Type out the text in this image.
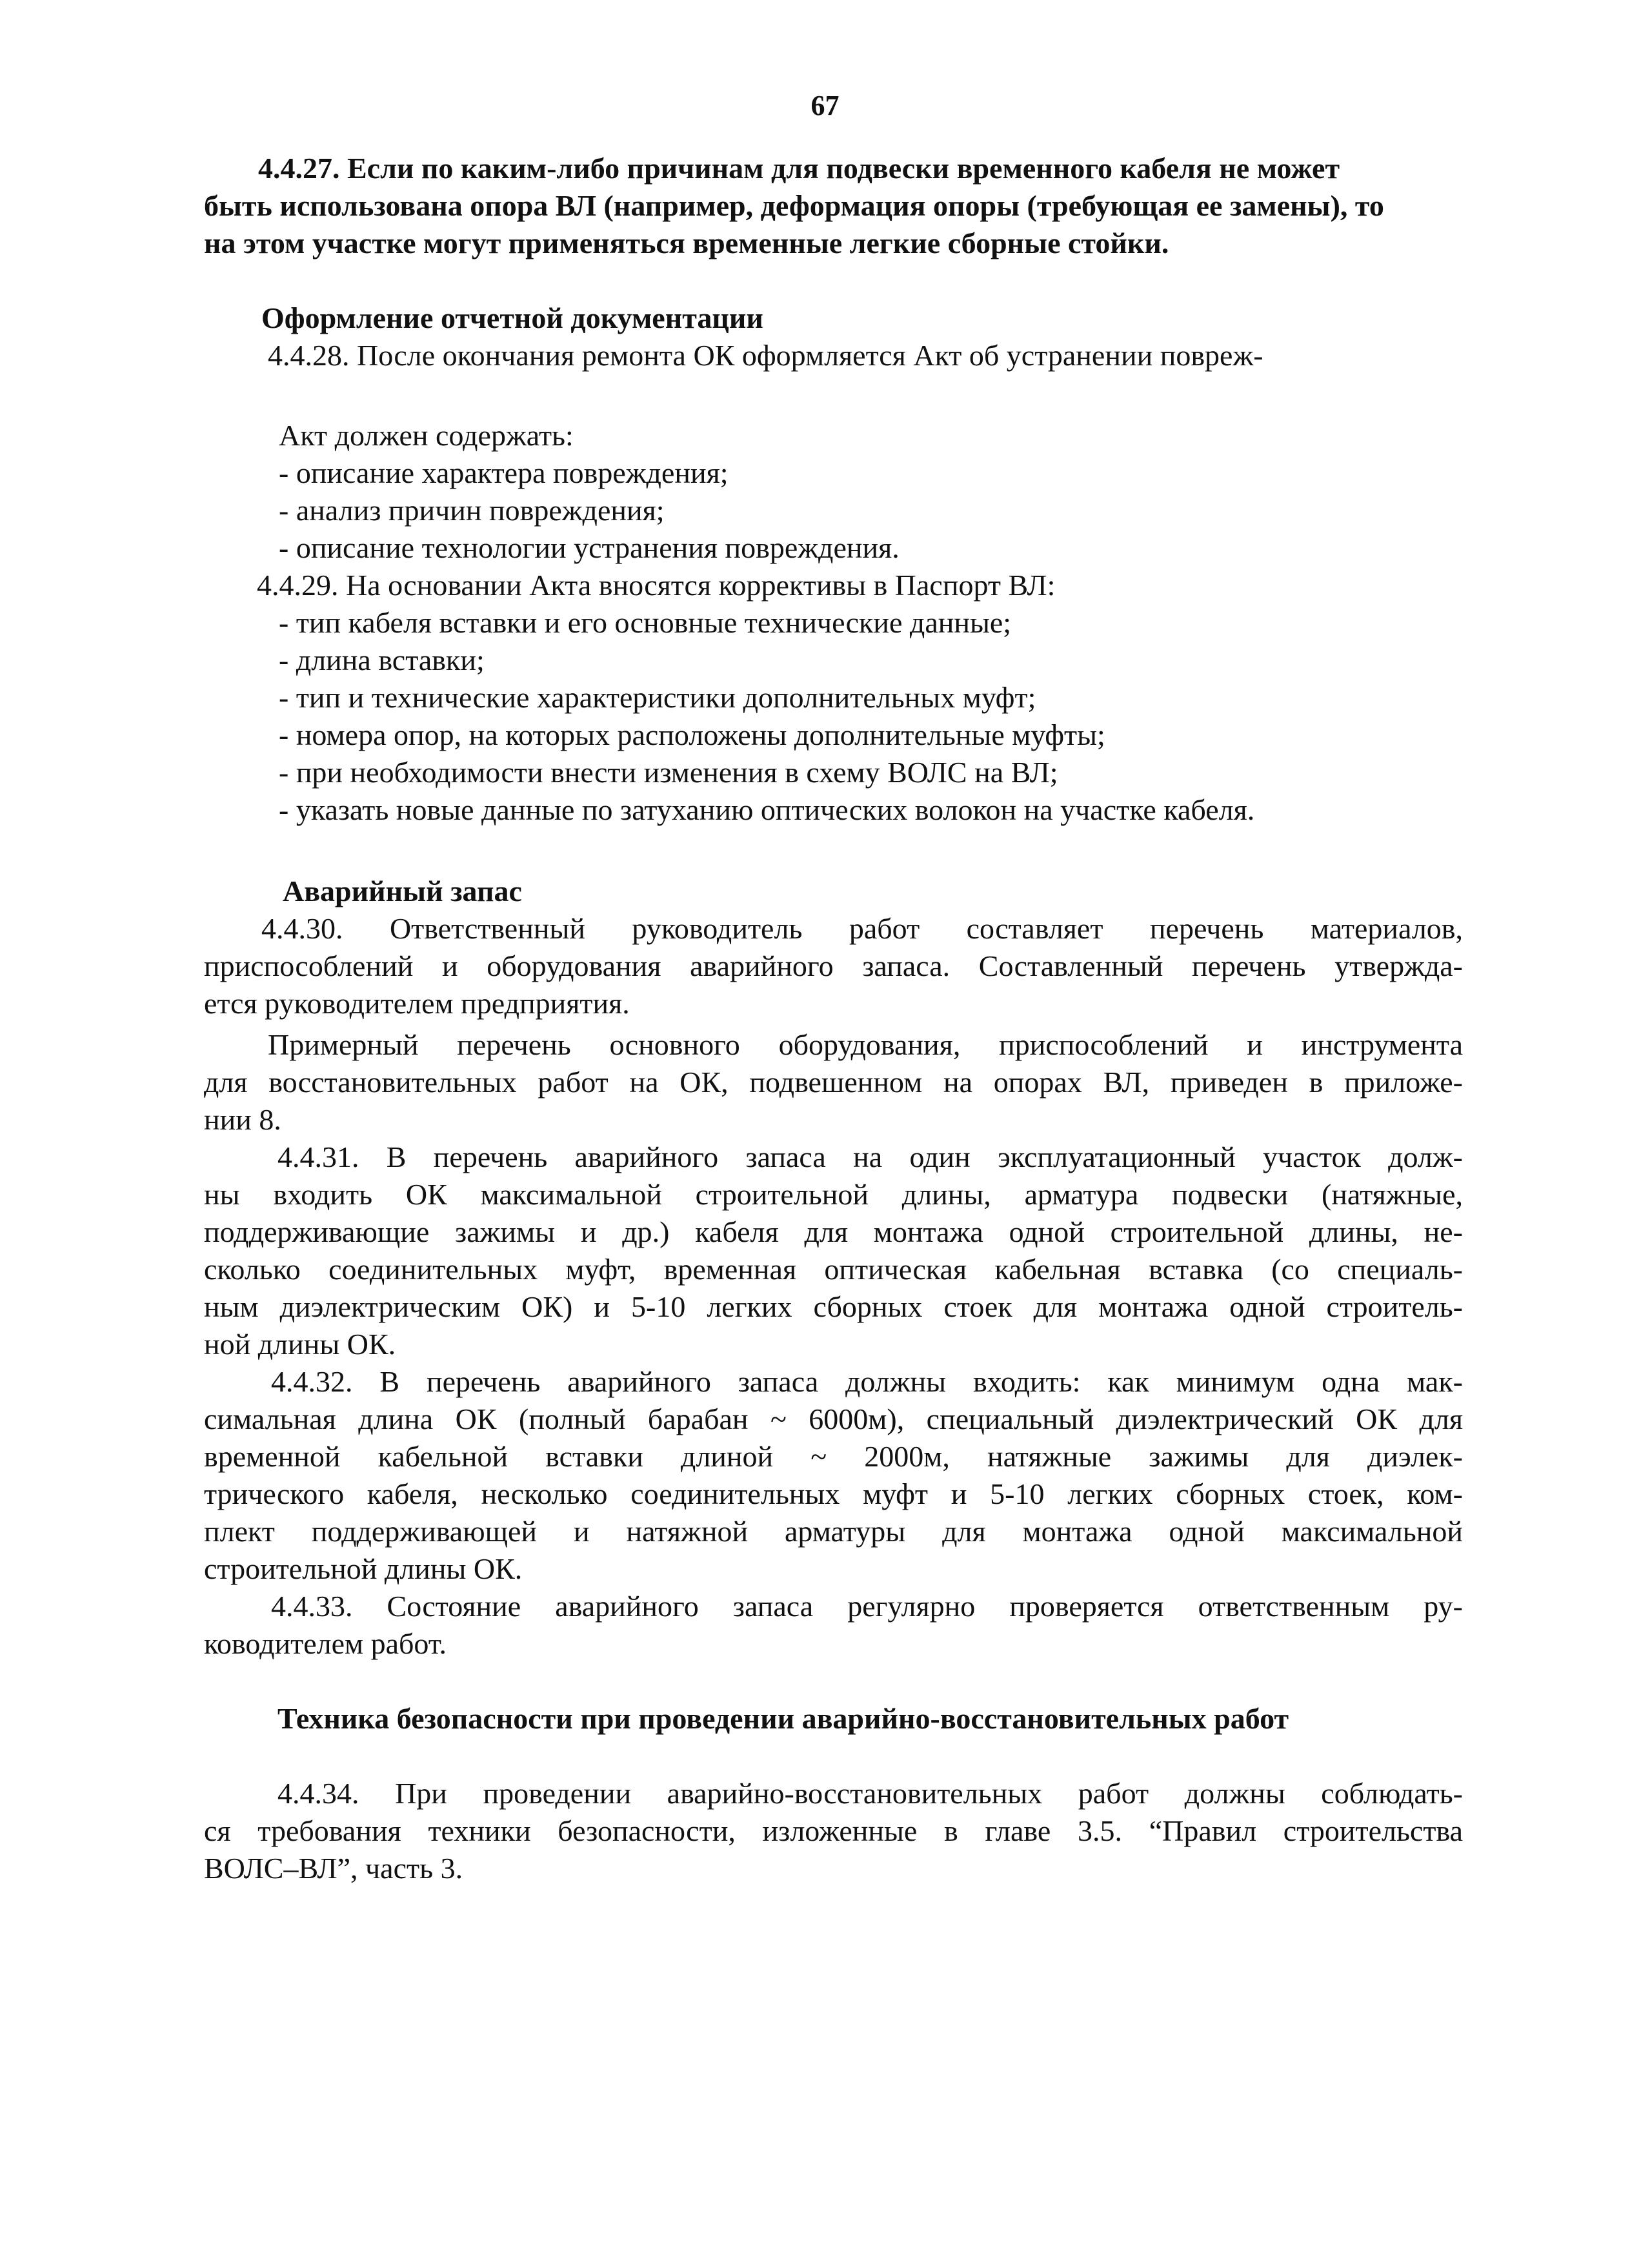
67
4.4.27. Если по каким-либо причинам для подвески временного кабеля не может
быть использована опора ВЛ (например, деформация опоры (требующая ее замены), то
на этом участке могут применяться временные легкие сборные стойки.
Оформление отчетной документации
4.4.28. После окончания ремонта ОК оформляется Акт об устранении повреж-
Акт должен содержать:
- описание характера повреждения;
- анализ причин повреждения;
- описание технологии устранения повреждения.
4.4.29. На основании Акта вносятся коррективы в Паспорт ВЛ:
- тип кабеля вставки и его основные технические данные;
- длина вставки;
- тип и технические характеристики дополнительных муфт;
- номера опор, на которых расположены дополнительные муфты;
- при необходимости внести изменения в схему ВОЛС на ВЛ;
- указать новые данные по затуханию оптических волокон на участке кабеля.
Аварийный запас
4.4.30. Ответственный руководитель работ составляет перечень материалов,
приспособлений и оборудования аварийного запаса. Составленный перечень утвержда-
ется руководителем предприятия.
Примерный перечень основного оборудования, приспособлений и инструмента
для восстановительных работ на ОК, подвешенном на опорах ВЛ, приведен в приложе-
нии 8.
4.4.31. В перечень аварийного запаса на один эксплуатационный участок долж-
ны входить ОК максимальной строительной длины, арматура подвески (натяжные,
поддерживающие зажимы и др.) кабеля для монтажа одной строительной длины, не-
сколько соединительных муфт, временная оптическая кабельная вставка (со специаль-
ным диэлектрическим ОК) и 5-10 легких сборных стоек для монтажа одной строитель-
ной длины ОК.
4.4.32. В перечень аварийного запаса должны входить: как минимум одна мак-
симальная длина ОК (полный барабан ~ 6000м), специальный диэлектрический ОК для
временной кабельной вставки длиной ~ 2000м, натяжные зажимы для диэлек-
трического кабеля, несколько соединительных муфт и 5-10 легких сборных стоек, ком-
плект поддерживающей и натяжной арматуры для монтажа одной максимальной
строительной длины ОК.
4.4.33. Состояние аварийного запаса регулярно проверяется ответственным ру-
ководителем работ.
Техника безопасности при проведении аварийно-восстановительных работ
4.4.34. При проведении аварийно-восстановительных работ должны соблюдать-
ся требования техники безопасности, изложенные в главе 3.5. “Правил строительства
ВОЛС–ВЛ”, часть 3.
